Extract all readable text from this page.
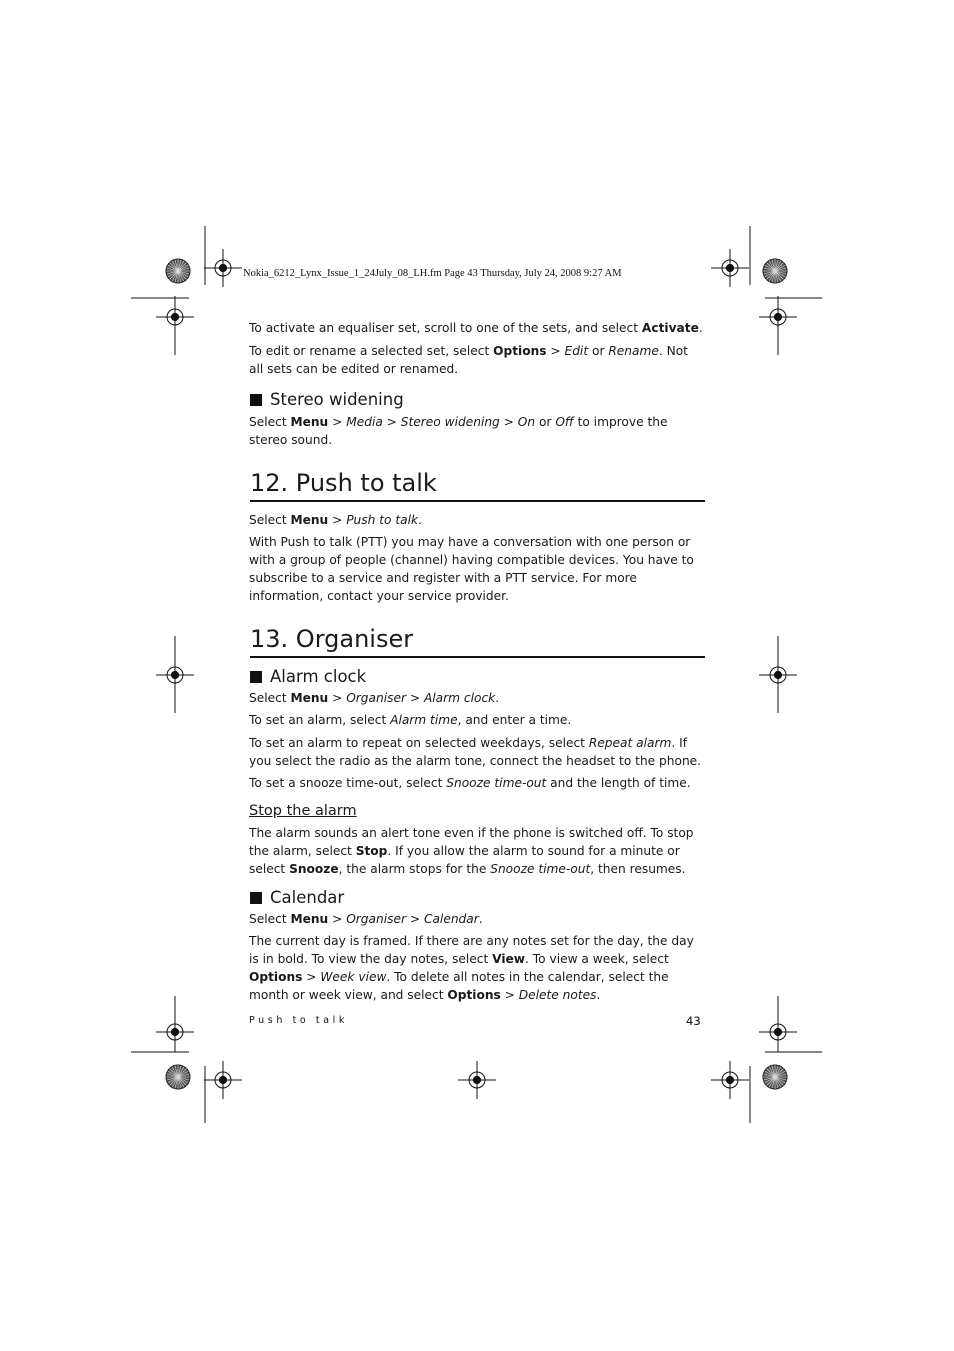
Nokia_6212_Lynx_Issue_1_24July_08_LH.fm Page 43 Thursday, July 24, 2008 9:27 AM

To activate an equaliser set, scroll to one of the sets, and select Activate.

To edit or rename a selected set, select Options > Edit or Rename. Not all sets can be edited or renamed.

Stereo widening

Select Menu > Media > Stereo widening > On or Off to improve the stereo sound.

12. Push to talk

Select Menu > Push to talk.

With Push to talk (PTT) you may have a conversation with one person or with a group of people (channel) having compatible devices. You have to subscribe to a service and register with a PTT service. For more information, contact your service provider.

13. Organiser
Alarm clock

Select Menu > Organiser > Alarm clock.

To set an alarm, select Alarm time, and enter a time.

To set an alarm to repeat on selected weekdays, select Repeat alarm. If you select the radio as the alarm tone, connect the headset to the phone.

To set a snooze time-out, select Snooze time-out and the length of time.

Stop the alarm

The alarm sounds an alert tone even if the phone is switched off. To stop the alarm, select Stop. If you allow the alarm to sound for a minute or select Snooze, the alarm stops for the Snooze time-out, then resumes.

Calendar

Select Menu > Organiser > Calendar.

The current day is framed. If there are any notes set for the day, the day is in bold. To view the day notes, select View. To view a week, select Options > Week view. To delete all notes in the calendar, select the month or week view, and select Options > Delete notes.

Push to talk	43
